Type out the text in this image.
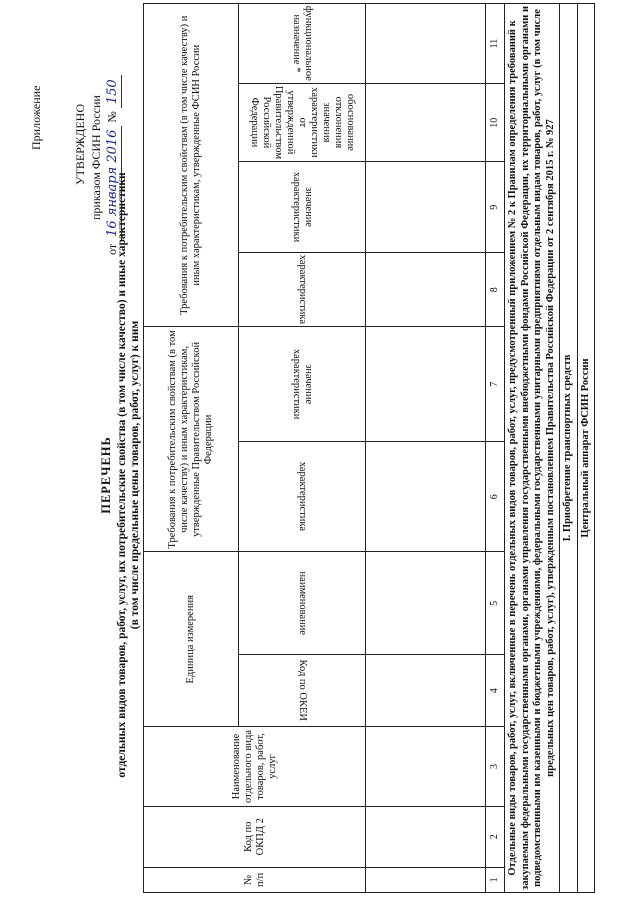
Приложение	УТВЕРЖДЕНО приказом ФСИН России
от 16 января 2016 № 150
ПЕРЕЧЕНЬ отдельных видов товаров, работ, услуг, их потребительские свойства (в том числе качество) и иные характеристики (в том числе предельные цены товаров, работ, услуг) к ним
№ п/п	Код по ОКПД 2	Наименование отдельного вида товаров, работ, услуг	Единица измерения		Требования к потребительским свойствам (в том числе качеству) и иным характеристикам, утвержденные Правительством Российской Федерации		Требования к потребительским свойствам (в том числе качеству) и иным характеристикам, утвержденные ФСИН России			
			Код по ОКЕИ	наименование	характеристика	значение характеристики	характеристика	значение характеристики	обоснование отклонения значения характеристики от утвержденной Правительством Российской Федерации	функциональное назначение *

1	2	3	4	5	6	7	8	9	10	11
Отдельные виды товаров, работ, услуг, включенные в перечень отдельных видов товаров, работ, услуг, предусмотренный приложением № 2 к Правилам определения требований к закупаемым федеральными государственными органами, органами управления государственными внебюджетными фондами Российской Федерации, их территориальными органами и подведомственными им казенными и бюджетными учреждениями, федеральными государственными унитарными предприятиями отдельным видам товаров, работ, услуг (в том числе предельных цен товаров, работ, услуг), утвержденным постановлением Правительства Российской Федерации от 2 сентября 2015 г. № 927										
I. Приобретение транспортных средств										
Центральный аппарат ФСИН России										
